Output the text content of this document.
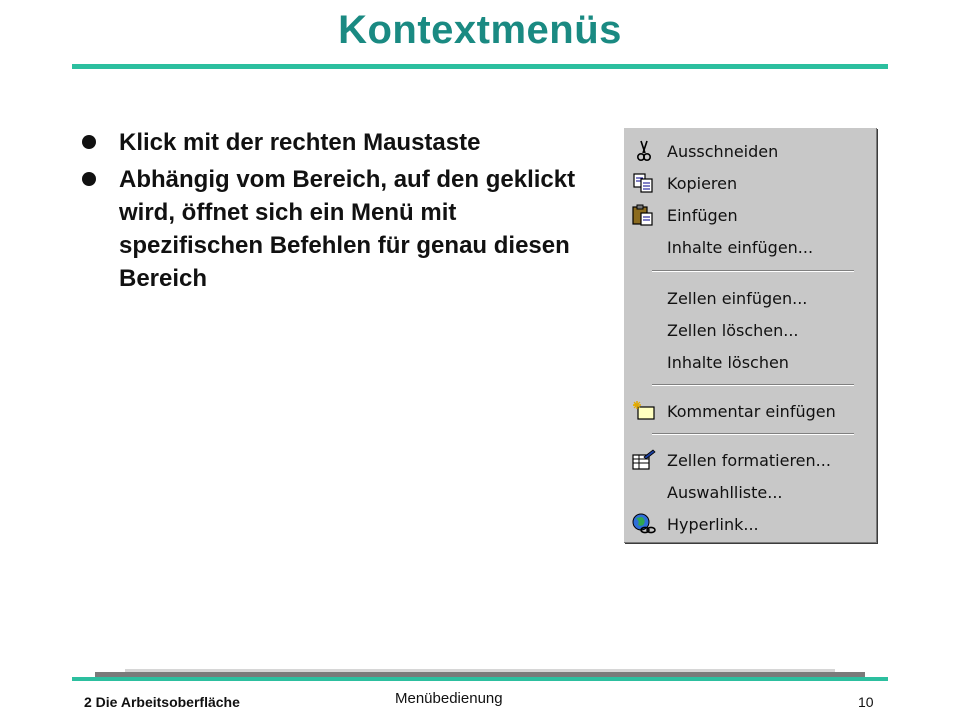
Kontextmenüs
Klick mit der rechten Maustaste
Abhängig vom Bereich, auf den geklickt wird, öffnet sich ein Menü mit spezifischen Befehlen für genau diesen Bereich
Ausschneiden
Kopieren
Einfügen
Inhalte einfügen...
Zellen einfügen...
Zellen löschen...
Inhalte löschen
Kommentar einfügen
Zellen formatieren...
Auswahlliste...
Hyperlink...
2 Die Arbeitsoberfläche	Menübedienung	10
